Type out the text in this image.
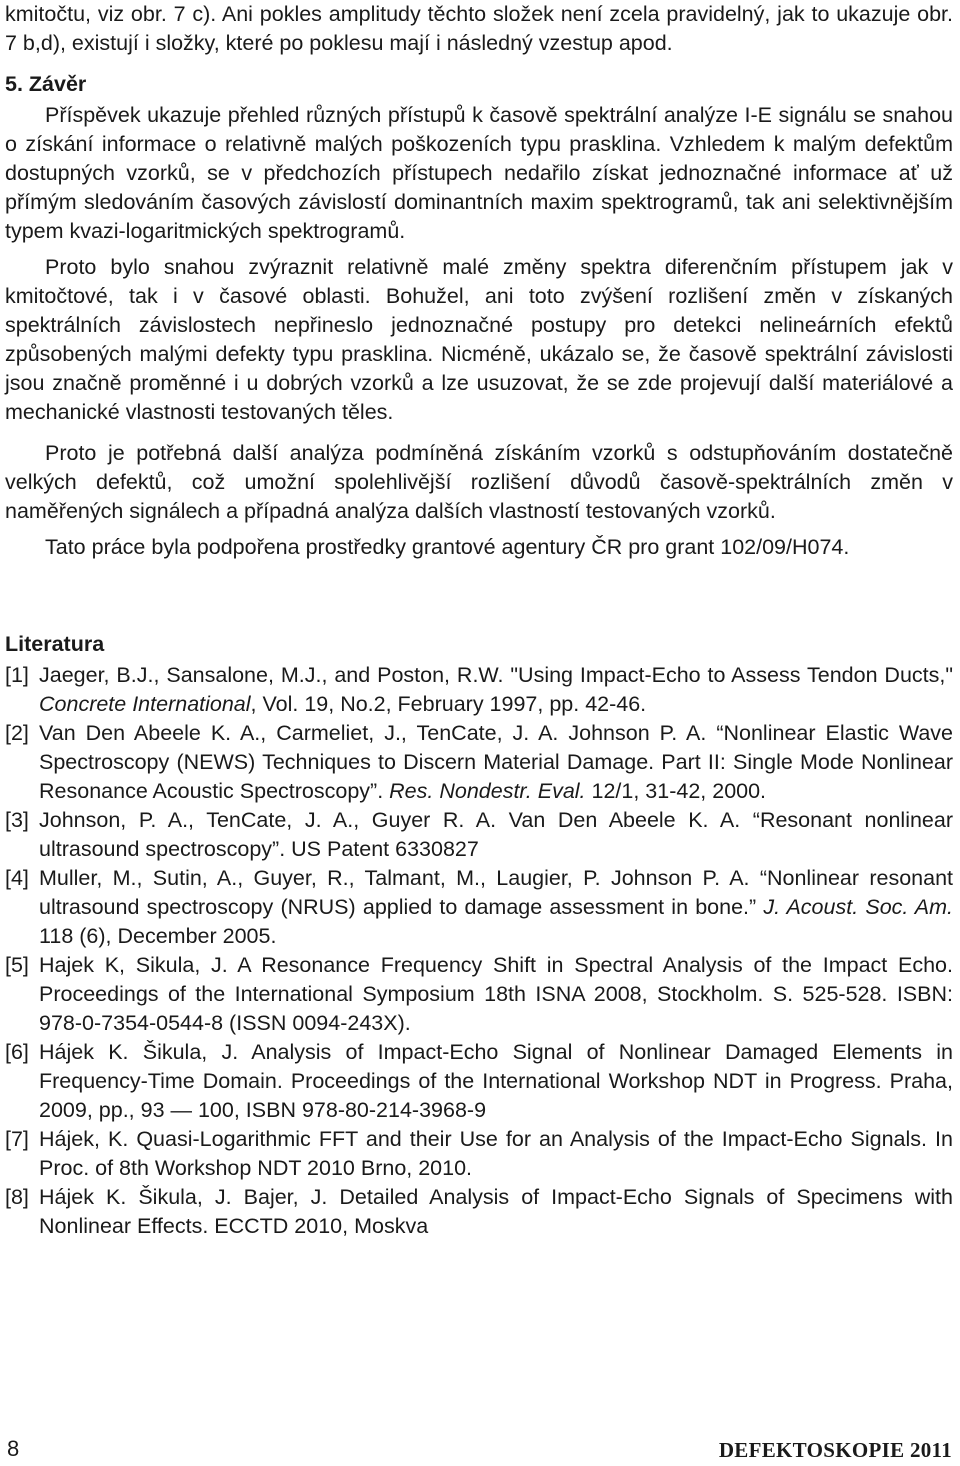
kmitočtu, viz obr. 7 c). Ani pokles amplitudy těchto složek není zcela pravidelný, jak to ukazuje obr. 7 b,d), existují i složky, které po poklesu mají i následný vzestup apod.

5. Závěr

Příspěvek ukazuje přehled různých přístupů k časově spektrální analýze I-E signálu se snahou o získání informace o relativně malých poškozeních typu prasklina. Vzhledem k malým defektům dostupných vzorků, se v předchozích přístupech nedařilo získat jednoznačné informace ať už přímým sledováním časových závislostí dominantních maxim spektrogramů, tak ani selektivnějším typem kvazi-logaritmických spektrogramů.

Proto bylo snahou zvýraznit relativně malé změny spektra diferenčním přístupem jak v kmitočtové, tak i v časové oblasti. Bohužel, ani toto zvýšení rozlišení změn v získaných spektrálních závislostech nepřineslo jednoznačné postupy pro detekci nelineárních efektů způsobených malými defekty typu prasklina. Nicméně, ukázalo se, že časově spektrální závislosti jsou značně proměnné i u dobrých vzorků a lze usuzovat, že se zde projevují další materiálové a mechanické vlastnosti testovaných těles.

Proto je potřebná další analýza podmíněná získáním vzorků s odstupňováním dostatečně velkých defektů, což umožní spolehlivější rozlišení důvodů časově-spektrálních změn v naměřených signálech a případná analýza dalších vlastností testovaných vzorků.

Tato práce byla podpořena prostředky grantové agentury ČR pro grant 102/09/H074.

Literatura

[1] Jaeger, B.J., Sansalone, M.J., and Poston, R.W. "Using Impact-Echo to Assess Tendon Ducts," Concrete International, Vol. 19, No.2, February 1997, pp. 42-46.

[2] Van Den Abeele K. A., Carmeliet, J., TenCate, J. A. Johnson P. A. “Nonlinear Elastic Wave Spectroscopy (NEWS) Techniques to Discern Material Damage. Part II: Single Mode Nonlinear Resonance Acoustic Spectroscopy”. Res. Nondestr. Eval. 12/1, 31-42, 2000.

[3] Johnson, P. A., TenCate, J. A., Guyer R. A. Van Den Abeele K. A. “Resonant nonlinear ultrasound spectroscopy”. US Patent 6330827

[4] Muller, M., Sutin, A., Guyer, R., Talmant, M., Laugier, P. Johnson P. A. “Nonlinear resonant ultrasound spectroscopy (NRUS) applied to damage assessment in bone.” J. Acoust. Soc. Am. 118 (6), December 2005.

[5] Hajek K, Sikula, J. A Resonance Frequency Shift in Spectral Analysis of the Impact Echo. Proceedings of the International Symposium 18th ISNA 2008, Stockholm. S. 525-528. ISBN: 978-0-7354-0544-8 (ISSN 0094-243X).

[6] Hájek K. Šikula, J. Analysis of Impact-Echo Signal of Nonlinear Damaged Elements in Frequency-Time Domain. Proceedings of the International Workshop NDT in Progress. Praha, 2009, pp., 93 — 100, ISBN 978-80-214-3968-9

[7] Hájek, K. Quasi-Logarithmic FFT and their Use for an Analysis of the Impact-Echo Signals. In Proc. of 8th Workshop NDT 2010 Brno, 2010.

[8] Hájek K. Šikula, J. Bajer, J. Detailed Analysis of Impact-Echo Signals of Specimens with Nonlinear Effects. ECCTD 2010, Moskva

8	DEFEKTOSKOPIE 2011
